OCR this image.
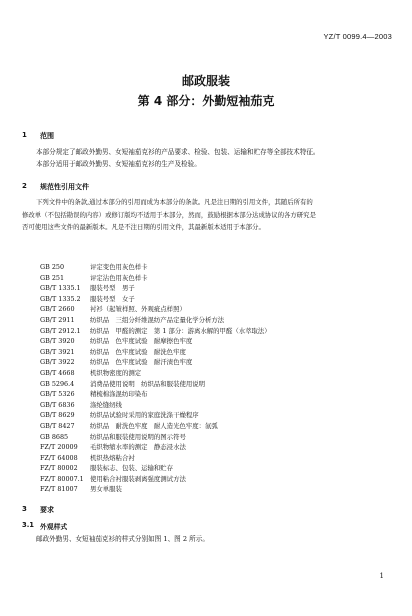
YZ/T 0099.4—2003
邮政服装
第 4 部分：外勤短袖茄克
1	范围

本部分规定了邮政外勤男、女短袖茄克衫的产品要求、检验、包装、运输和贮存等全部技术特征。

本部分适用于邮政外勤男、女短袖茄克衫的生产及检验。

2	规范性引用文件

下列文件中的条款,通过本部分的引用而成为本部分的条款。凡是注日期的引用文件，其随后所有的

修改单（不包括勘误的内容）或修订版均不适用于本部分，然而，鼓励根据本部分达成协议的各方研究是

否可使用这些文件的最新版本。凡是不注日期的引用文件，其最新版本适用于本部分。

GB 250	评定变色用灰色样卡
GB 251	评定沾色用灰色样卡
GB/T 1335.1	服装号型　男子
GB/T 1335.2	服装号型　女子
GB/T 2660	衬衫（起皱样照、外观疵点样照）
GB/T 2911	纺织品　三组分纤维混纺产品定量化学分析方法
GB/T 2912.1	纺织品　甲醛的测定　第 1 部分：游离水解的甲醛（水萃取法）
GB/T 3920	纺织品　色牢度试验　耐摩擦色牢度
GB/T 3921	纺织品　色牢度试验　耐洗色牢度
GB/T 3922	纺织品　色牢度试验　耐汗渍色牢度
GB/T 4668	机织物密度的测定
GB 5296.4	消费品使用说明　纺织品和服装使用说明
GB/T 5326	精梳棉涤混纺印染布
GB/T 6836	涤纶缝纫线
GB/T 8629	纺织品试验时采用的家庭洗涤干燥程序
GB/T 8427	纺织品　耐洗色牢度　耐人造光色牢度：氙弧
GB 8685	纺织品和服装使用说明的图示符号
FZ/T 20009	毛织物缩水率的测定　静态浸水法
FZ/T 64008	机织热熔粘合衬
FZ/T 80002	服装标志、包装、运输和贮存
FZ/T 80007.1 使用粘合衬服装剥离强度测试方法
FZ/T 81007	男女单服装
3	要求
3.1 外观样式

邮政外勤男、女短袖茄克衫的样式分别如图 1、图 2 所示。

1
